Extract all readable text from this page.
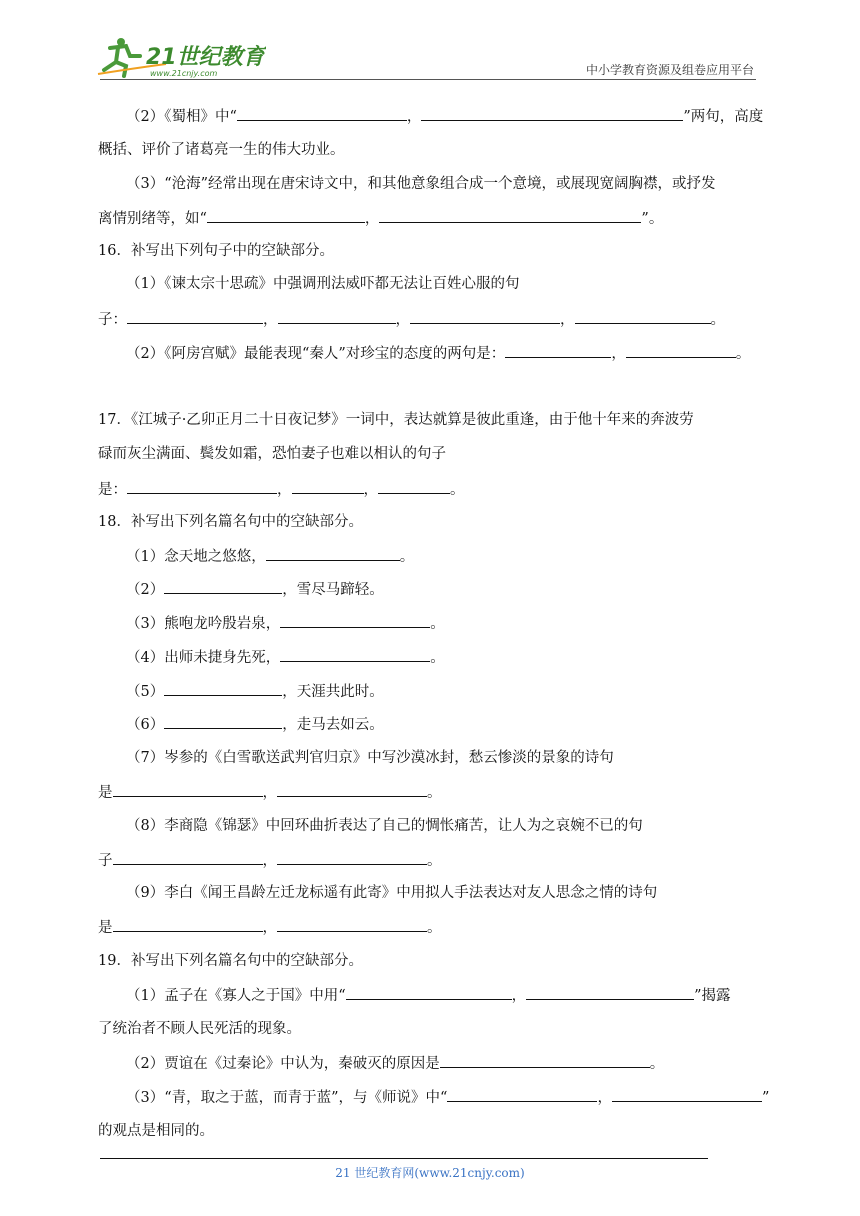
21世纪教育
www.21cnjy.com	中小学教育资源及组卷应用平台
（2）《蜀相》中“	，	”两句，高度
概括、评价了诸葛亮一生的伟大功业。
（3）“沧海”经常出现在唐宋诗文中，和其他意象组合成一个意境，或展现宽阔胸襟，或抒发
离情别绪等，如“	，	”。
16．补写出下列句子中的空缺部分。
（1）《谏太宗十思疏》中强调刑法威吓都无法让百姓心服的句
子：	，	，	，	。
（2）《阿房宫赋》最能表现“秦人”对珍宝的态度的两句是：	，	。
17．《江城子·乙卯正月二十日夜记梦》一词中，表达就算是彼此重逢，由于他十年来的奔波劳
碌而灰尘满面、鬓发如霜，恐怕妻子也难以相认的句子
是：	，	，	。
18．补写出下列名篇名句中的空缺部分。
（1）念天地之悠悠，	。
（2）	，雪尽马蹄轻。
（3）熊咆龙吟殷岩泉，	。
（4）出师未捷身先死，	。
（5）	，天涯共此时。
（6）	，走马去如云。
（7）岑参的《白雪歌送武判官归京》中写沙漠冰封，愁云惨淡的景象的诗句
是	，	。
（8）李商隐《锦瑟》中回环曲折表达了自己的惆怅痛苦，让人为之哀婉不已的句
子	，	。
（9）李白《闻王昌龄左迁龙标遥有此寄》中用拟人手法表达对友人思念之情的诗句
是	，	。
19．补写出下列名篇名句中的空缺部分。
（1）孟子在《寡人之于国》中用“	，	”揭露
了统治者不顾人民死活的现象。
（2）贾谊在《过秦论》中认为，秦破灭的原因是	。
（3）“青，取之于蓝，而青于蓝”，与《师说》中“	，	”
的观点是相同的。
21 世纪教育网(www.21cnjy.com)
